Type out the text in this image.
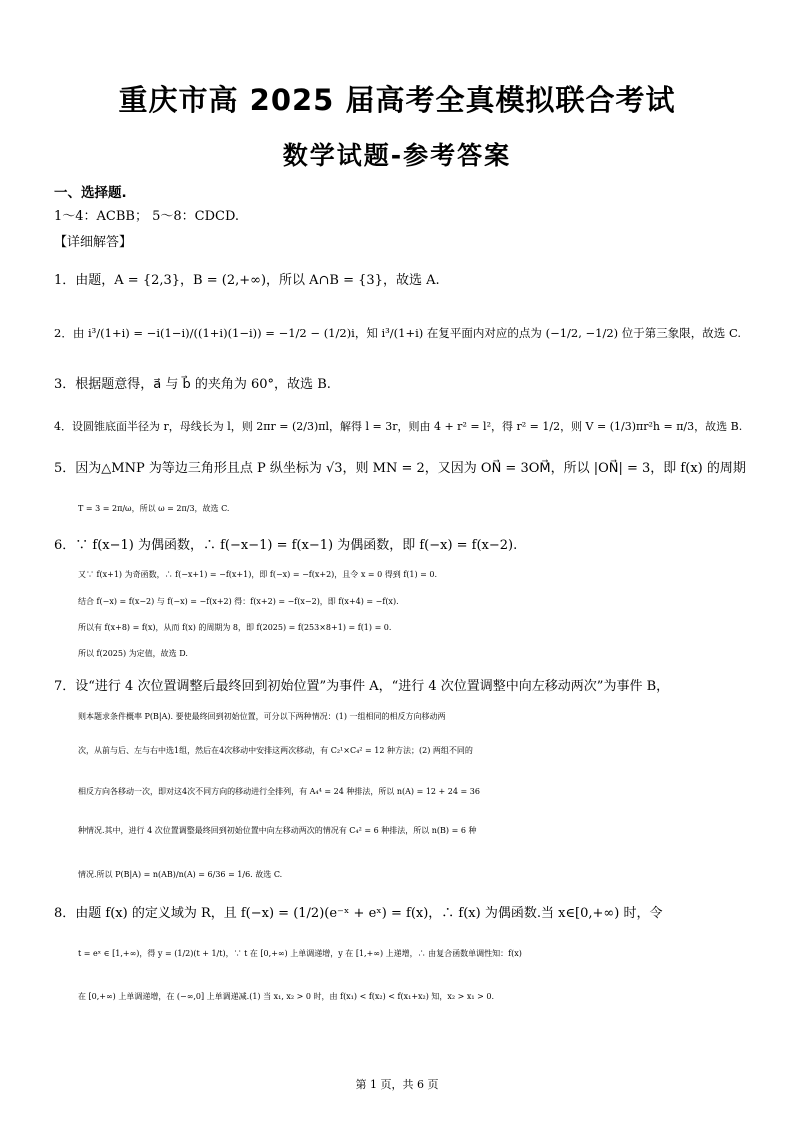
重庆市高 2025 届高考全真模拟联合考试
数学试题-参考答案
一、选择题.
1～4：ACBB； 5～8：CDCD.
【详细解答】
1．由题，A = {2,3}，B = (2,+∞)，所以 A∩B = {3}，故选 A.
2．由 i³/(1+i) = −i(1−i)/((1+i)(1−i)) = −1/2 − (1/2)i，知 i³/(1+i) 在复平面内对应的点为 (−1/2, −1/2) 位于第三象限，故选 C.
3．根据题意得，a⃗ 与 b⃗ 的夹角为 60°，故选 B.
4．设圆锥底面半径为 r，母线长为 l，则 2πr = (2/3)πl，解得 l = 3r，则由 4 + r² = l²，得 r² = 1/2，则 V = (1/3)πr²h = π/3，故选 B.
5．因为△MNP 为等边三角形且点 P 纵坐标为 √3，则 MN = 2，又因为 ON⃗ = 3OM⃗，所以 |ON⃗| = 3，即 f(x) 的周期
T = 3 = 2π/ω，所以 ω = 2π/3，故选 C.
6．∵ f(x−1) 为偶函数，∴ f(−x−1) = f(x−1) 为偶函数，即 f(−x) = f(x−2).
又∵ f(x+1) 为奇函数，∴ f(−x+1) = −f(x+1)，即 f(−x) = −f(x+2)，且令 x = 0 得到 f(1) = 0.
结合 f(−x) = f(x−2) 与 f(−x) = −f(x+2) 得：f(x+2) = −f(x−2)，即 f(x+4) = −f(x).
所以有 f(x+8) = f(x)，从而 f(x) 的周期为 8，即 f(2025) = f(253×8+1) = f(1) = 0.
所以 f(2025) 为定值，故选 D.
7．设“进行 4 次位置调整后最终回到初始位置”为事件 A，“进行 4 次位置调整中向左移动两次”为事件 B，
则本题求条件概率 P(B|A). 要使最终回到初始位置，可分以下两种情况：(1) 一组相同的相反方向移动两
次，从前与后、左与右中选1组，然后在4次移动中安排这两次移动，有 C₂¹×C₄² = 12 种方法；(2) 两组不同的
相反方向各移动一次，即对这4次不同方向的移动进行全排列，有 A₄⁴ = 24 种排法，所以 n(A) = 12 + 24 = 36
种情况.其中，进行 4 次位置调整最终回到初始位置中向左移动两次的情况有 C₄² = 6 种排法，所以 n(B) = 6 种
情况.所以 P(B|A) = n(AB)/n(A) = 6/36 = 1/6. 故选 C.
8．由题 f(x) 的定义域为 R，且 f(−x) = (1/2)(e⁻ˣ + eˣ) = f(x)，∴ f(x) 为偶函数.当 x∈[0,+∞) 时，令
t = eˣ ∈ [1,+∞)，得 y = (1/2)(t + 1/t)，∵ t 在 [0,+∞) 上单调递增，y 在 [1,+∞) 上递增，∴ 由复合函数单调性知：f(x)
在 [0,+∞) 上单调递增，在 (−∞,0] 上单调递减.(1) 当 x₁, x₂ > 0 时，由 f(x₁) < f(x₂) < f(x₁+x₂) 知，x₂ > x₁ > 0.
第 1 页，共 6 页
